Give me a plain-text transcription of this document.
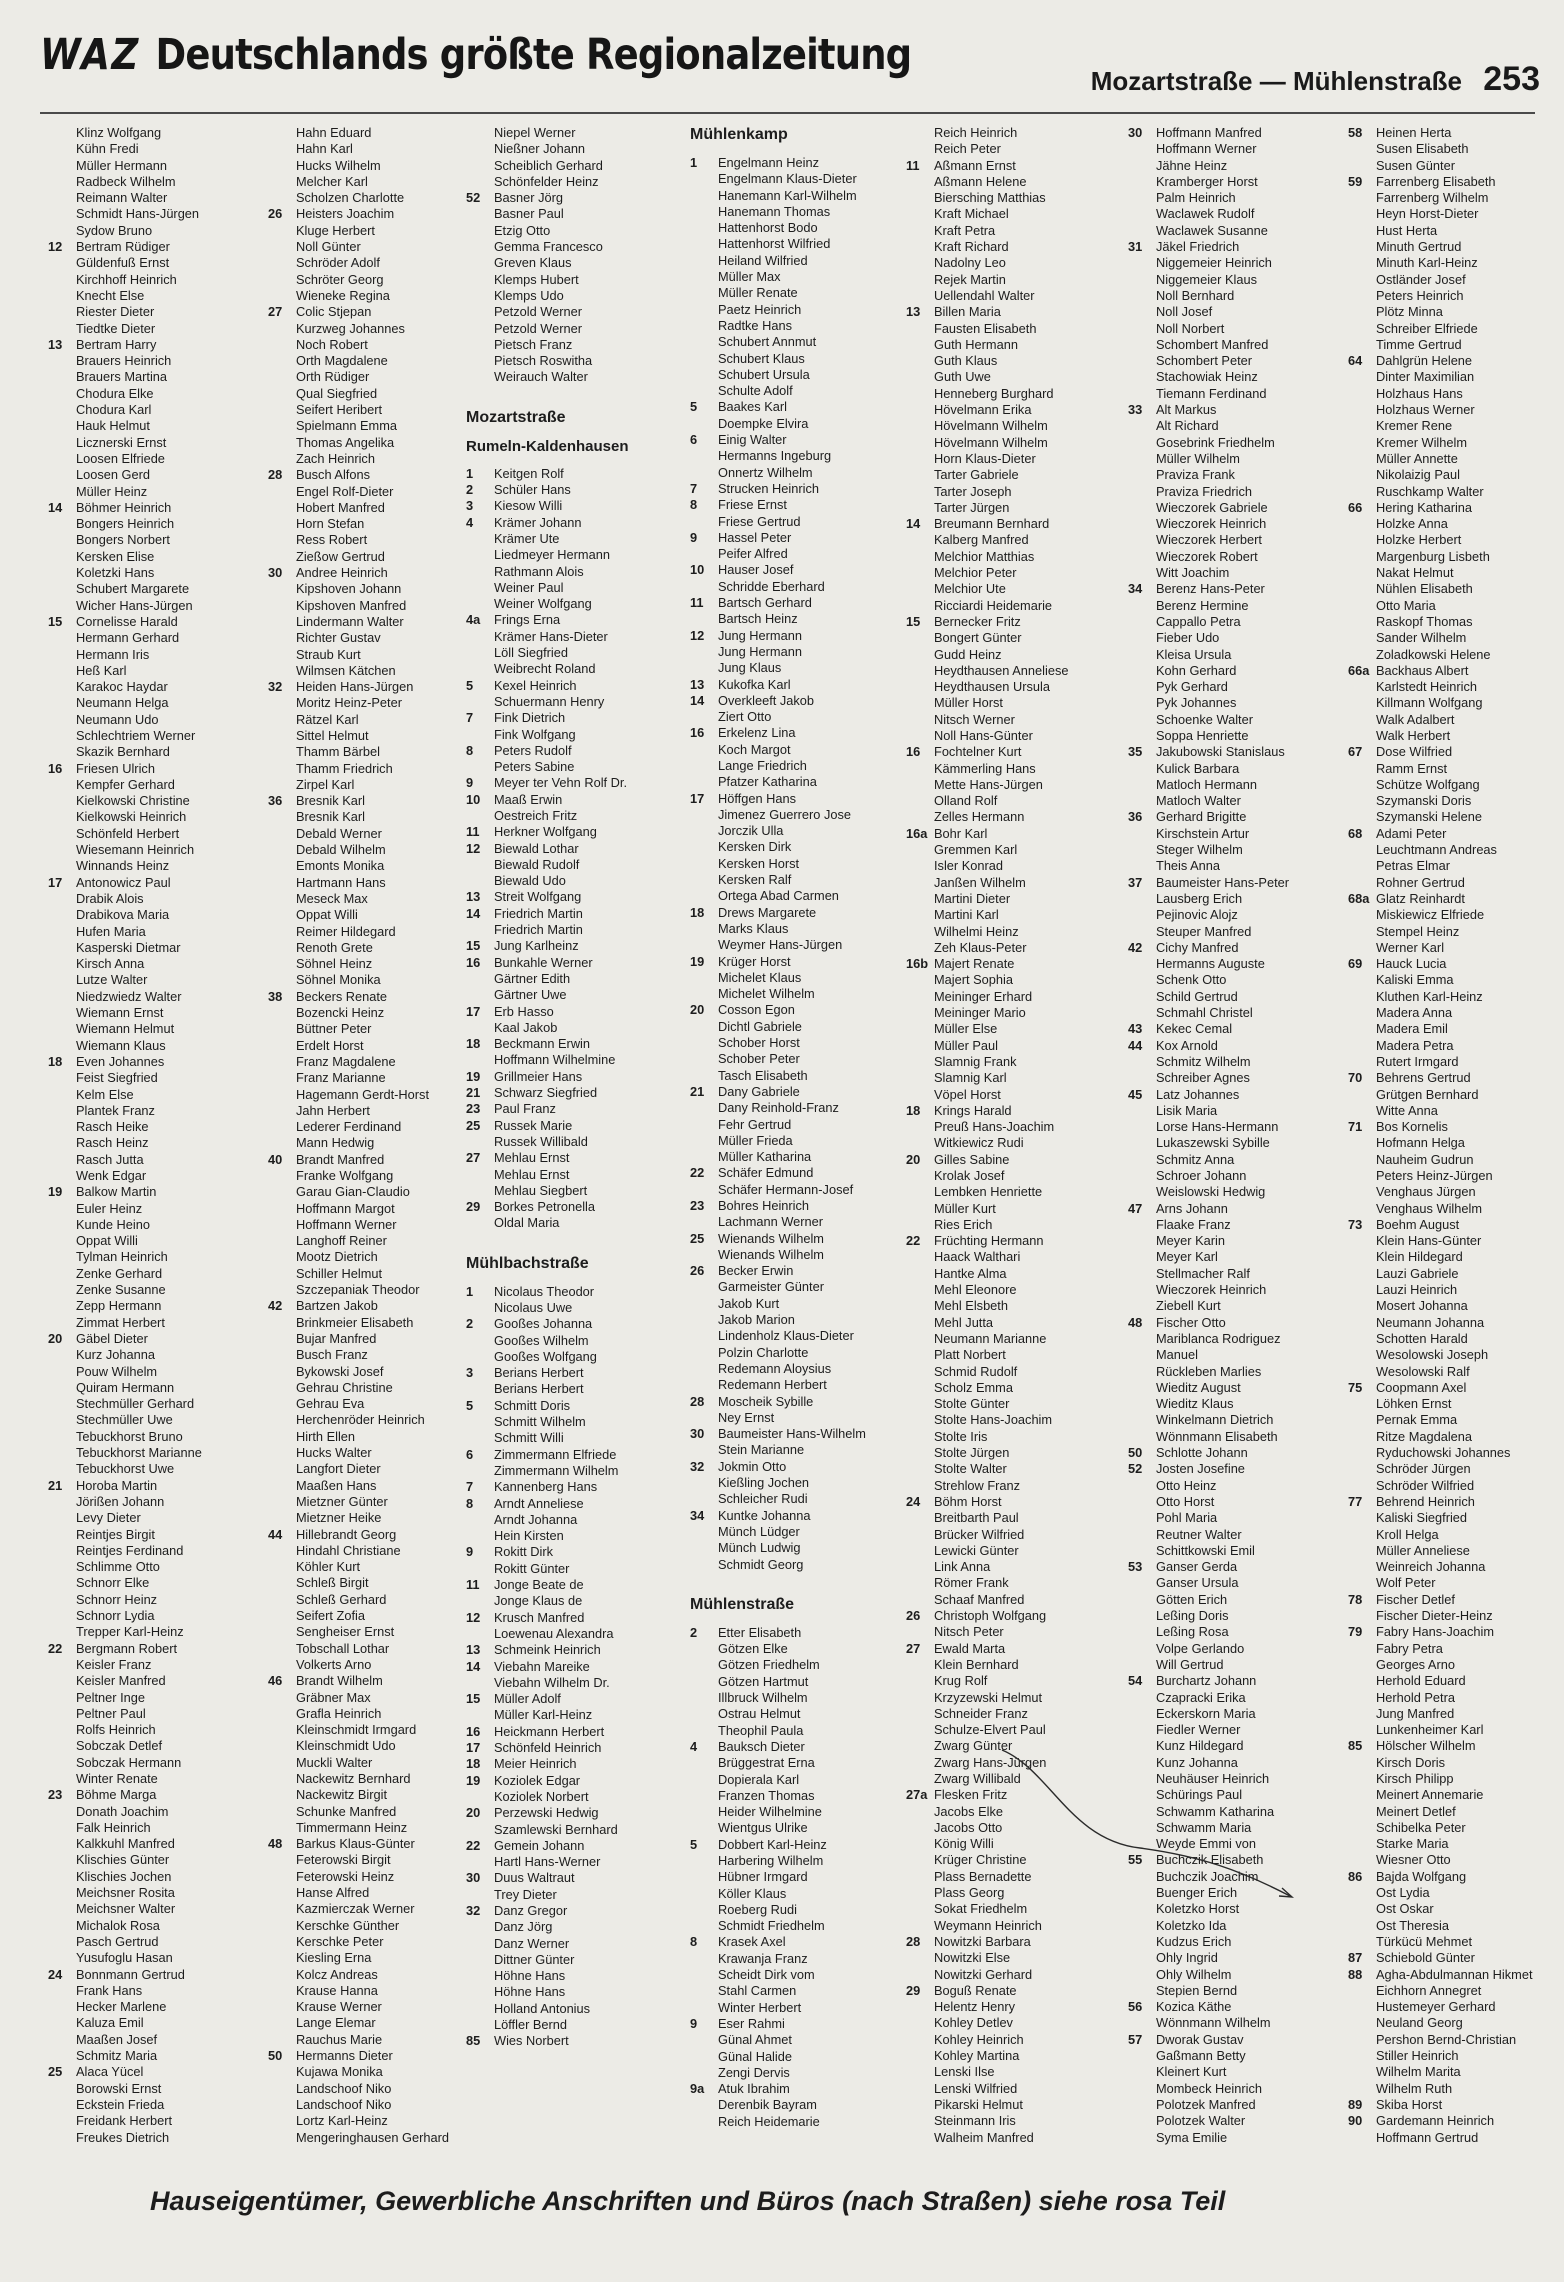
WAZ Deutschlands größte Regionalzeitung
Mozartstraße — Mühlenstraße 253
Klinz Wolfgang
Kühn Fredi
Müller Hermann
Radbeck Wilhelm
Reimann Walter
Schmidt Hans-Jürgen
Sydow Bruno
12 Bertram Rüdiger
Güldenfuß Ernst
Kirchhoff Heinrich
Knecht Else
Riester Dieter
Tiedtke Dieter
13 Bertram Harry
Brauers Heinrich
Brauers Martina
Chodura Elke
Chodura Karl
Hauk Helmut
Licznerski Ernst
Loosen Elfriede
Loosen Gerd
Müller Heinz
14 Böhmer Heinrich
Bongers Heinrich
Bongers Norbert
Kersken Elise
Koletzki Hans
Schubert Margarete
Wicher Hans-Jürgen
15 Cornelisse Harald
Hermann Gerhard
Hermann Iris
Heß Karl
Karakoc Haydar
Neumann Helga
Neumann Udo
Schlechtriem Werner
Skazik Bernhard
16 Friesen Ulrich
Kempfer Gerhard
Kielkowski Christine
Kielkowski Heinrich
Schönfeld Herbert
Wiesemann Heinrich
Winnands Heinz
17 Antonowicz Paul
Drabik Alois
Drabikova Maria
Hufen Maria
Kasperski Dietmar
Kirsch Anna
Lutze Walter
Niedzwiedz Walter
Wiemann Ernst
Wiemann Helmut
Wiemann Klaus
18 Even Johannes
Feist Siegfried
Kelm Else
Plantek Franz
Rasch Heike
Rasch Heinz
Rasch Jutta
Wenk Edgar
19 Balkow Martin
Euler Heinz
Kunde Heino
Oppat Willi
Tylman Heinrich
Zenke Gerhard
Zenke Susanne
Zepp Hermann
Zimmat Herbert
20 Gäbel Dieter
Kurz Johanna
Pouw Wilhelm
Quiram Hermann
Stechmüller Gerhard
Stechmüller Uwe
Tebuckhorst Bruno
Tebuckhorst Marianne
Tebuckhorst Uwe
21 Horoba Martin
Jörißen Johann
Levy Dieter
Reintjes Birgit
Reintjes Ferdinand
Schlimme Otto
Schnorr Elke
Schnorr Heinz
Schnorr Lydia
Trepper Karl-Heinz
22 Bergmann Robert
Keisler Franz
Keisler Manfred
Peltner Inge
Peltner Paul
Rolfs Heinrich
Sobczak Detlef
Sobczak Hermann
Winter Renate
23 Böhme Marga
Donath Joachim
Falk Heinrich
Kalkkuhl Manfred
Klischies Günter
Klischies Jochen
Meichsner Rosita
Meichsner Walter
Michalok Rosa
Pasch Gertrud
Yusufoglu Hasan
24 Bonnmann Gertrud
Frank Hans
Hecker Marlene
Kaluza Emil
Maaßen Josef
Schmitz Maria
25 Alaca Yücel
Borowski Ernst
Eckstein Frieda
Freidank Herbert
Freukes Dietrich
Hahn Eduard
Hahn Karl
Hucks Wilhelm
Melcher Karl
Scholzen Charlotte
26 Heisters Joachim
Kluge Herbert
Noll Günter
Schröder Adolf
Schröter Georg
Wieneke Regina
27 Colic Stjepan
Kurzweg Johannes
Noch Robert
Orth Magdalene
Orth Rüdiger
Qual Siegfried
Seifert Heribert
Spielmann Emma
Thomas Angelika
Zach Heinrich
28 Busch Alfons
Engel Rolf-Dieter
Hobert Manfred
Horn Stefan
Ress Robert
Zießow Gertrud
30 Andree Heinrich
Kipshoven Johann
Kipshoven Manfred
Lindermann Walter
Richter Gustav
Straub Kurt
Wilmsen Kätchen
32 Heiden Hans-Jürgen
Moritz Heinz-Peter
Rätzel Karl
Sittel Helmut
Thamm Bärbel
Thamm Friedrich
Zirpel Karl
36 Bresnik Karl
Bresnik Karl
Debald Werner
Debald Wilhelm
Emonts Monika
Hartmann Hans
Meseck Max
Oppat Willi
Reimer Hildegard
Renoth Grete
Söhnel Heinz
Söhnel Monika
38 Beckers Renate
Bozencki Heinz
Büttner Peter
Erdelt Horst
Franz Magdalene
Franz Marianne
Hagemann Gerdt-Horst
Jahn Herbert
Lederer Ferdinand
Mann Hedwig
40 Brandt Manfred
Franke Wolfgang
Garau Gian-Claudio
Hoffmann Margot
Hoffmann Werner
Langhoff Reiner
Mootz Dietrich
Schiller Helmut
Szczepaniak Theodor
42 Bartzen Jakob
Brinkmeier Elisabeth
Bujar Manfred
Busch Franz
Bykowski Josef
Gehrau Christine
Gehrau Eva
Herchenröder Heinrich
Hirth Ellen
Hucks Walter
Langfort Dieter
Maaßen Hans
Mietzner Günter
Mietzner Heike
44 Hillebrandt Georg
Hindahl Christiane
Köhler Kurt
Schleß Birgit
Schleß Gerhard
Seifert Zofia
Sengheiser Ernst
Tobschall Lothar
Volkerts Arno
46 Brandt Wilhelm
Gräbner Max
Grafla Heinrich
Kleinschmidt Irmgard
Kleinschmidt Udo
Muckli Walter
Nackewitz Bernhard
Nackewitz Birgit
Schunke Manfred
Timmermann Heinz
48 Barkus Klaus-Günter
Feterowski Birgit
Feterowski Heinz
Hanse Alfred
Kazmierczak Werner
Kerschke Günther
Kerschke Peter
Kiesling Erna
Kolcz Andreas
Krause Hanna
Krause Werner
Lange Elemar
Rauchus Marie
50 Hermanns Dieter
Kujawa Monika
Landschoof Niko
Landschoof Niko
Lortz Karl-Heinz
Mengeringhausen Gerhard
Niepel Werner
Nießner Johann
Scheiblich Gerhard
Schönfelder Heinz
52 Basner Jörg
Basner Paul
Etzig Otto
Gemma Francesco
Greven Klaus
Klemps Hubert
Klemps Udo
Petzold Werner
Petzold Werner
Pietsch Franz
Pietsch Roswitha
Weirauch Walter
Mozartstraße
Rumeln-Kaldenhausen
1 Keitgen Rolf
2 Schüler Hans
3 Kiesow Willi
4 Krämer Johann
Krämer Ute
Liedmeyer Hermann
Rathmann Alois
Weiner Paul
Weiner Wolfgang
4a Frings Erna
Krämer Hans-Dieter
Löll Siegfried
Weibrecht Roland
5 Kexel Heinrich
Schuermann Henry
7 Fink Dietrich
Fink Wolfgang
8 Peters Rudolf
Peters Sabine
9 Meyer ter Vehn Rolf Dr.
10 Maaß Erwin
Oestreich Fritz
11 Herkner Wolfgang
12 Biewald Lothar
Biewald Rudolf
Biewald Udo
13 Streit Wolfgang
14 Friedrich Martin
Friedrich Martin
15 Jung Karlheinz
16 Bunkahle Werner
Gärtner Edith
Gärtner Uwe
17 Erb Hasso
Kaal Jakob
18 Beckmann Erwin
Hoffmann Wilhelmine
19 Grillmeier Hans
21 Schwarz Siegfried
23 Paul Franz
25 Russek Marie
Russek Willibald
27 Mehlau Ernst
Mehlau Ernst
Mehlau Siegbert
29 Borkes Petronella
Oldal Maria
Mühlbachstraße
1 Nicolaus Theodor
Nicolaus Uwe
2 Gooßes Johanna
Gooßes Wilhelm
Gooßes Wolfgang
3 Berians Herbert
Berians Herbert
5 Schmitt Doris
Schmitt Wilhelm
Schmitt Willi
6 Zimmermann Elfriede
Zimmermann Wilhelm
7 Kannenberg Hans
8 Arndt Anneliese
Arndt Johanna
Hein Kirsten
9 Rokitt Dirk
Rokitt Günter
11 Jonge Beate de
Jonge Klaus de
12 Krusch Manfred
Loewenau Alexandra
13 Schmeink Heinrich
14 Viebahn Mareike
Viebahn Wilhelm Dr.
15 Müller Adolf
Müller Karl-Heinz
16 Heickmann Herbert
17 Schönfeld Heinrich
18 Meier Heinrich
19 Koziolek Edgar
Koziolek Norbert
20 Perzewski Hedwig
Szamlewski Bernhard
22 Gemein Johann
Hartl Hans-Werner
30 Duus Waltraut
Trey Dieter
32 Danz Gregor
Danz Jörg
Danz Werner
Dittner Günter
Höhne Hans
Höhne Hans
Holland Antonius
Löffler Bernd
85 Wies Norbert
Mühlenkamp
1 Engelmann Heinz
Engelmann Klaus-Dieter
Hanemann Karl-Wilhelm
Hanemann Thomas
Hattenhorst Bodo
Hattenhorst Wilfried
Heiland Wilfried
Müller Max
Müller Renate
Paetz Heinrich
Radtke Hans
Schubert Annmut
Schubert Klaus
Schubert Ursula
Schulte Adolf
5 Baakes Karl
Doempke Elvira
6 Einig Walter
Hermanns Ingeburg
Onnertz Wilhelm
7 Strucken Heinrich
8 Friese Ernst
Friese Gertrud
9 Hassel Peter
Peifer Alfred
10 Hauser Josef
Schridde Eberhard
11 Bartsch Gerhard
Bartsch Heinz
12 Jung Hermann
Jung Hermann
Jung Klaus
13 Kukofka Karl
14 Overkleeft Jakob
Ziert Otto
16 Erkelenz Lina
Koch Margot
Lange Friedrich
Pfatzer Katharina
17 Höffgen Hans
Jimenez Guerrero Jose
Jorczik Ulla
Kersken Dirk
Kersken Horst
Kersken Ralf
Ortega Abad Carmen
18 Drews Margarete
Marks Klaus
Weymer Hans-Jürgen
19 Krüger Horst
Michelet Klaus
Michelet Wilhelm
20 Cosson Egon
Dichtl Gabriele
Schober Horst
Schober Peter
Tasch Elisabeth
21 Dany Gabriele
Dany Reinhold-Franz
Fehr Gertrud
Müller Frieda
Müller Katharina
22 Schäfer Edmund
Schäfer Hermann-Josef
23 Bohres Heinrich
Lachmann Werner
25 Wienands Wilhelm
Wienands Wilhelm
26 Becker Erwin
Garmeister Günter
Jakob Kurt
Jakob Marion
Lindenholz Klaus-Dieter
Polzin Charlotte
Redemann Aloysius
Redemann Herbert
28 Moscheik Sybille
Ney Ernst
30 Baumeister Hans-Wilhelm
Stein Marianne
32 Jokmin Otto
Kießling Jochen
Schleicher Rudi
34 Kuntke Johanna
Münch Lüdger
Münch Ludwig
Schmidt Georg
Mühlenstraße
2 Etter Elisabeth
Götzen Elke
Götzen Friedhelm
Götzen Hartmut
Illbruck Wilhelm
Ostrau Helmut
Theophil Paula
4 Bauksch Dieter
Brüggestrat Erna
Dopierala Karl
Franzen Thomas
Heider Wilhelmine
Wientgus Ulrike
5 Dobbert Karl-Heinz
Harbering Wilhelm
Hübner Irmgard
Köller Klaus
Roeberg Rudi
Schmidt Friedhelm
8 Krasek Axel
Krawanja Franz
Scheidt Dirk vom
Stahl Carmen
Winter Herbert
9 Eser Rahmi
Günal Ahmet
Günal Halide
Zengi Dervis
9a Atuk Ibrahim
Derenbik Bayram
Reich Heidemarie
Reich Heinrich
Reich Peter
11 Aßmann Ernst
Aßmann Helene
Biersching Matthias
Kraft Michael
Kraft Petra
Kraft Richard
Nadolny Leo
Rejek Martin
Uellendahl Walter
13 Billen Maria
Fausten Elisabeth
Guth Hermann
Guth Klaus
Guth Uwe
Henneberg Burghard
Hövelmann Erika
Hövelmann Wilhelm
Hövelmann Wilhelm
Horn Klaus-Dieter
Tarter Gabriele
Tarter Joseph
Tarter Jürgen
14 Breumann Bernhard
Kalberg Manfred
Melchior Matthias
Melchior Peter
Melchior Ute
Ricciardi Heidemarie
15 Bernecker Fritz
Bongert Günter
Gudd Heinz
Heydthausen Anneliese
Heydthausen Ursula
Müller Horst
Nitsch Werner
Noll Hans-Günter
16 Fochtelner Kurt
Kämmerling Hans
Mette Hans-Jürgen
Olland Rolf
Zelles Hermann
16a Bohr Karl
Gremmen Karl
Isler Konrad
Janßen Wilhelm
Martini Dieter
Martini Karl
Wilhelmi Heinz
Zeh Klaus-Peter
16b Majert Renate
Majert Sophia
Meininger Erhard
Meininger Mario
Müller Else
Müller Paul
Slamnig Frank
Slamnig Karl
Vöpel Horst
18 Krings Harald
Preuß Hans-Joachim
Witkiewicz Rudi
20 Gilles Sabine
Krolak Josef
Lembken Henriette
Müller Kurt
Ries Erich
22 Früchting Hermann
Haack Walthari
Hantke Alma
Mehl Eleonore
Mehl Elsbeth
Mehl Jutta
Neumann Marianne
Platt Norbert
Schmid Rudolf
Scholz Emma
Stolte Günter
Stolte Hans-Joachim
Stolte Iris
Stolte Jürgen
Stolte Walter
Strehlow Franz
24 Böhm Horst
Breitbarth Paul
Brücker Wilfried
Lewicki Günter
Link Anna
Römer Frank
Schaaf Manfred
26 Christoph Wolfgang
Nitsch Peter
27 Ewald Marta
Klein Bernhard
Krug Rolf
Krzyzewski Helmut
Schneider Franz
Schulze-Elvert Paul
Zwarg Günter
Zwarg Hans-Jürgen
Zwarg Willibald
27a Flesken Fritz
Jacobs Elke
Jacobs Otto
König Willi
Krüger Christine
Plass Bernadette
Plass Georg
Sokat Friedhelm
Weymann Heinrich
28 Nowitzki Barbara
Nowitzki Else
Nowitzki Gerhard
29 Boguß Renate
Helentz Henry
Kohley Detlev
Kohley Heinrich
Kohley Martina
Lenski Ilse
Lenski Wilfried
Pikarski Helmut
Steinmann Iris
Walheim Manfred
30 Hoffmann Manfred
Hoffmann Werner
Jähne Heinz
Kramberger Horst
Palm Heinrich
Waclawek Rudolf
Waclawek Susanne
31 Jäkel Friedrich
Niggemeier Heinrich
Niggemeier Klaus
Noll Bernhard
Noll Josef
Noll Norbert
Schombert Manfred
Schombert Peter
Stachowiak Heinz
Tiemann Ferdinand
33 Alt Markus
Alt Richard
Gosebrink Friedhelm
Müller Wilhelm
Praviza Frank
Praviza Friedrich
Wieczorek Gabriele
Wieczorek Heinrich
Wieczorek Herbert
Wieczorek Robert
Witt Joachim
34 Berenz Hans-Peter
Berenz Hermine
Cappallo Petra
Fieber Udo
Kleisa Ursula
Kohn Gerhard
Pyk Gerhard
Pyk Johannes
Schoenke Walter
Soppa Henriette
35 Jakubowski Stanislaus
Kulick Barbara
Matloch Hermann
Matloch Walter
36 Gerhard Brigitte
Kirschstein Artur
Steger Wilhelm
Theis Anna
37 Baumeister Hans-Peter
Lausberg Erich
Pejinovic Alojz
Steuper Manfred
42 Cichy Manfred
Hermanns Auguste
Schenk Otto
Schild Gertrud
Schmahl Christel
43 Kekec Cemal
44 Kox Arnold
Schmitz Wilhelm
Schreiber Agnes
45 Latz Johannes
Lisik Maria
Lorse Hans-Hermann
Lukaszewski Sybille
Schmitz Anna
Schroer Johann
Weislowski Hedwig
47 Arns Johann
Flaake Franz
Meyer Karin
Meyer Karl
Stellmacher Ralf
Wieczorek Heinrich
Ziebell Kurt
48 Fischer Otto
Mariblanca Rodriguez
Manuel
Rückleben Marlies
Wieditz August
Wieditz Klaus
Winkelmann Dietrich
Wönnmann Elisabeth
50 Schlotte Johann
52 Josten Josefine
Otto Heinz
Otto Horst
Pohl Maria
Reutner Walter
Schittkowski Emil
53 Ganser Gerda
Ganser Ursula
Götten Erich
Leßing Doris
Leßing Rosa
Volpe Gerlando
Will Gertrud
54 Burchartz Johann
Czapracki Erika
Eckerskorn Maria
Fiedler Werner
Kunz Hildegard
Kunz Johanna
Neuhäuser Heinrich
Schürings Paul
Schwamm Katharina
Schwamm Maria
Weyde Emmi von
55 Buchczik Elisabeth
Buchczik Joachim
Buenger Erich
Koletzko Horst
Koletzko Ida
Kudzus Erich
Ohly Ingrid
Ohly Wilhelm
Stepien Bernd
56 Kozica Käthe
Wönnmann Wilhelm
57 Dworak Gustav
Gaßmann Betty
Kleinert Kurt
Mombeck Heinrich
Polotzek Manfred
Polotzek Walter
Syma Emilie
58 Heinen Herta
Susen Elisabeth
Susen Günter
59 Farrenberg Elisabeth
Farrenberg Wilhelm
Heyn Horst-Dieter
Hust Herta
Minuth Gertrud
Minuth Karl-Heinz
Ostländer Josef
Peters Heinrich
Plötz Minna
Schreiber Elfriede
Timme Gertrud
64 Dahlgrün Helene
Dinter Maximilian
Holzhaus Hans
Holzhaus Werner
Kremer Rene
Kremer Wilhelm
Müller Annette
Nikolaizig Paul
Ruschkamp Walter
66 Hering Katharina
Holzke Anna
Holzke Herbert
Margenburg Lisbeth
Nakat Helmut
Nühlen Elisabeth
Otto Maria
Raskopf Thomas
Sander Wilhelm
Zoladkowski Helene
66a Backhaus Albert
Karlstedt Heinrich
Killmann Wolfgang
Walk Adalbert
Walk Herbert
67 Dose Wilfried
Ramm Ernst
Schütze Wolfgang
Szymanski Doris
Szymanski Helene
68 Adami Peter
Leuchtmann Andreas
Petras Elmar
Rohner Gertrud
68a Glatz Reinhardt
Miskiewicz Elfriede
Stempel Heinz
Werner Karl
69 Hauck Lucia
Kaliski Emma
Kluthen Karl-Heinz
Madera Anna
Madera Emil
Madera Petra
Rutert Irmgard
70 Behrens Gertrud
Grütgen Bernhard
Witte Anna
71 Bos Kornelis
Hofmann Helga
Nauheim Gudrun
Peters Heinz-Jürgen
Venghaus Jürgen
Venghaus Wilhelm
73 Boehm August
Klein Hans-Günter
Klein Hildegard
Lauzi Gabriele
Lauzi Heinrich
Mosert Johanna
Neumann Johanna
Schotten Harald
Wesolowski Joseph
Wesolowski Ralf
75 Coopmann Axel
Löhken Ernst
Pernak Emma
Ritze Magdalena
Ryduchowski Johannes
Schröder Jürgen
Schröder Wilfried
77 Behrend Heinrich
Kaliski Siegfried
Kroll Helga
Müller Anneliese
Weinreich Johanna
Wolf Peter
78 Fischer Detlef
Fischer Dieter-Heinz
79 Fabry Hans-Joachim
Fabry Petra
Georges Arno
Herhold Eduard
Herhold Petra
Jung Manfred
Lunkenheimer Karl
85 Hölscher Wilhelm
Kirsch Doris
Kirsch Philipp
Meinert Annemarie
Meinert Detlef
Schibelka Peter
Starke Maria
Wiesner Otto
86 Bajda Wolfgang
Ost Lydia
Ost Oskar
Ost Theresia
Türkücü Mehmet
87 Schiebold Günter
88 Agha-Abdulmannan Hikmet
Eichhorn Annegret
Hustemeyer Gerhard
Neuland Georg
Pershon Bernd-Christian
Stiller Heinrich
Wilhelm Marita
Wilhelm Ruth
89 Skiba Horst
90 Gardemann Heinrich
Hoffmann Gertrud
Hauseigentümer, Gewerbliche Anschriften und Büros (nach Straßen) siehe rosa Teil
